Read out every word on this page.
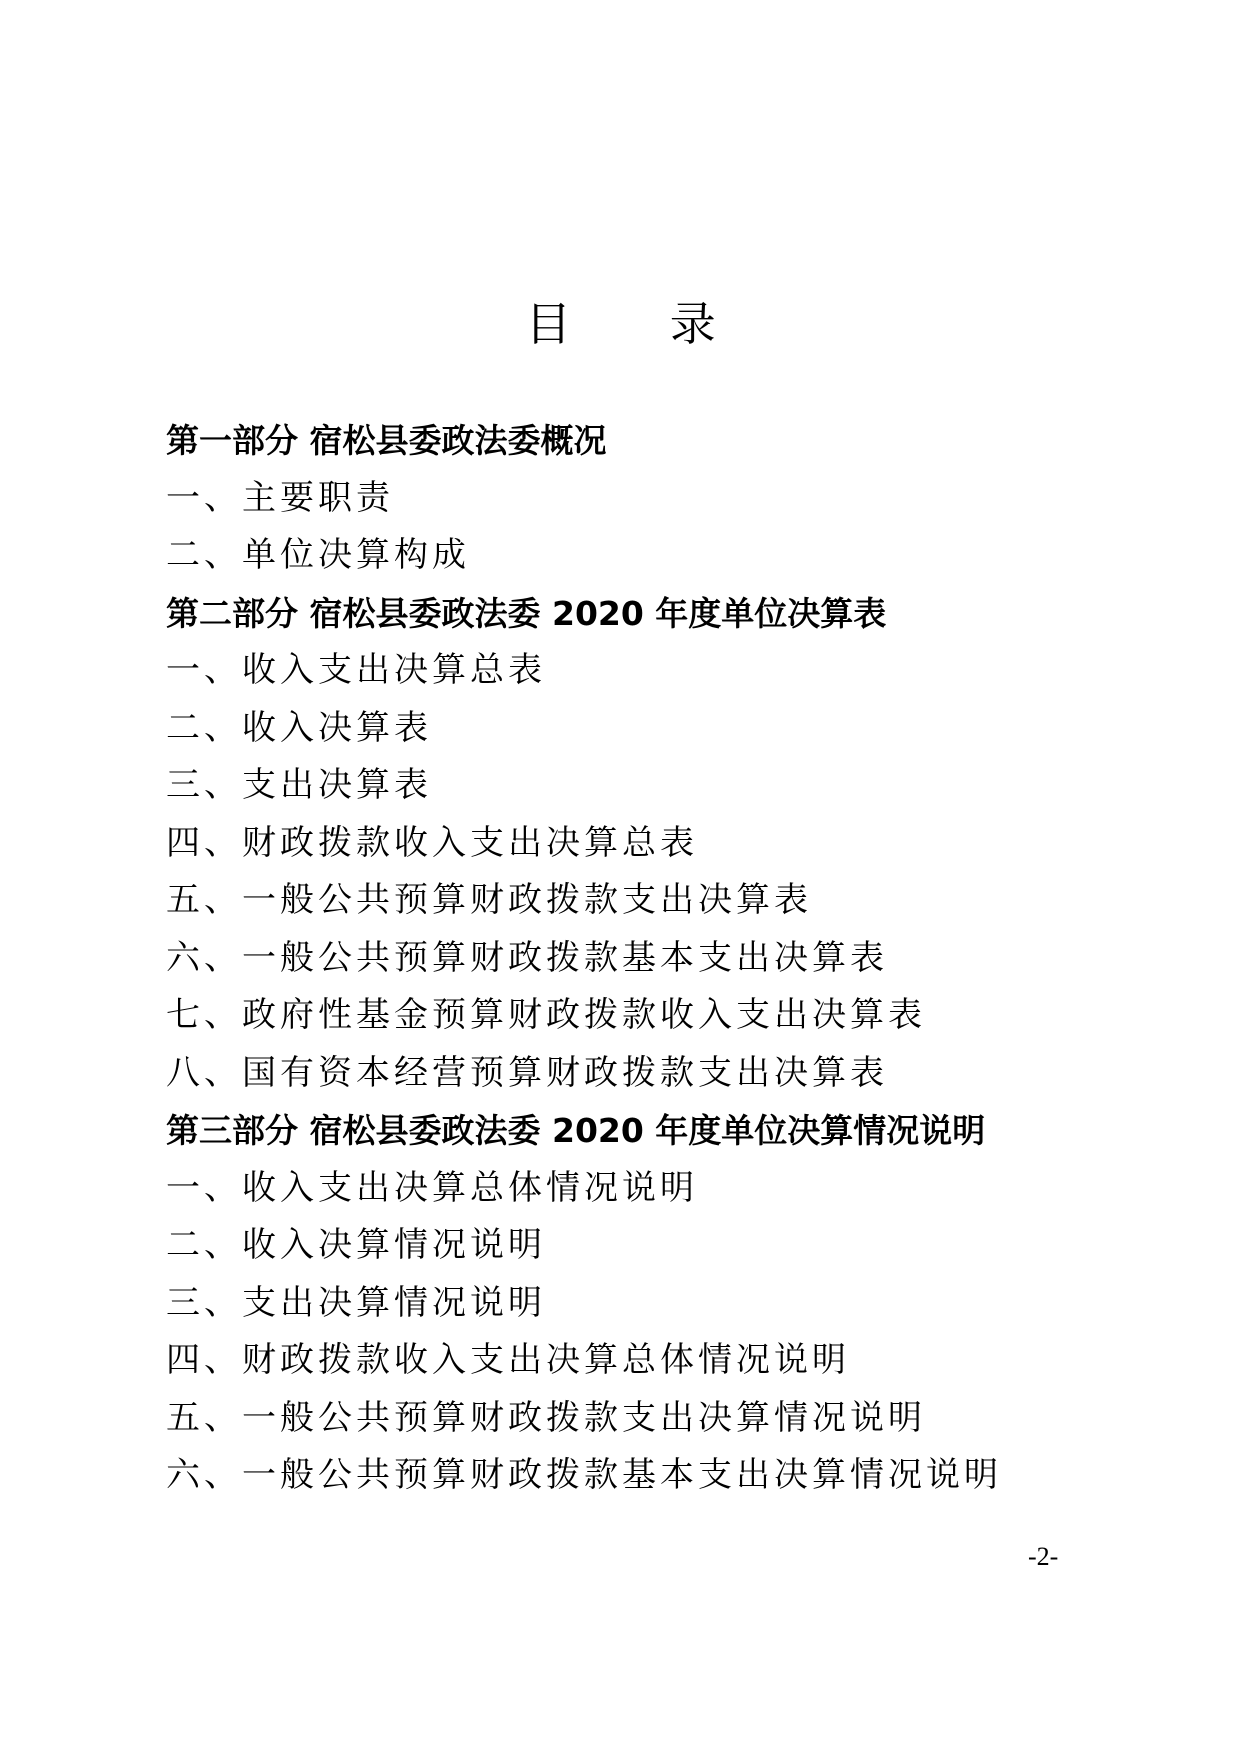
目 录
第一部分 宿松县委政法委概况
一、主要职责
二、单位决算构成
第二部分 宿松县委政法委 2020 年度单位决算表
一、收入支出决算总表
二、收入决算表
三、支出决算表
四、财政拨款收入支出决算总表
五、一般公共预算财政拨款支出决算表
六、一般公共预算财政拨款基本支出决算表
七、政府性基金预算财政拨款收入支出决算表
八、国有资本经营预算财政拨款支出决算表
第三部分 宿松县委政法委 2020 年度单位决算情况说明
一、收入支出决算总体情况说明
二、收入决算情况说明
三、支出决算情况说明
四、财政拨款收入支出决算总体情况说明
五、一般公共预算财政拨款支出决算情况说明
六、一般公共预算财政拨款基本支出决算情况说明
-2-
